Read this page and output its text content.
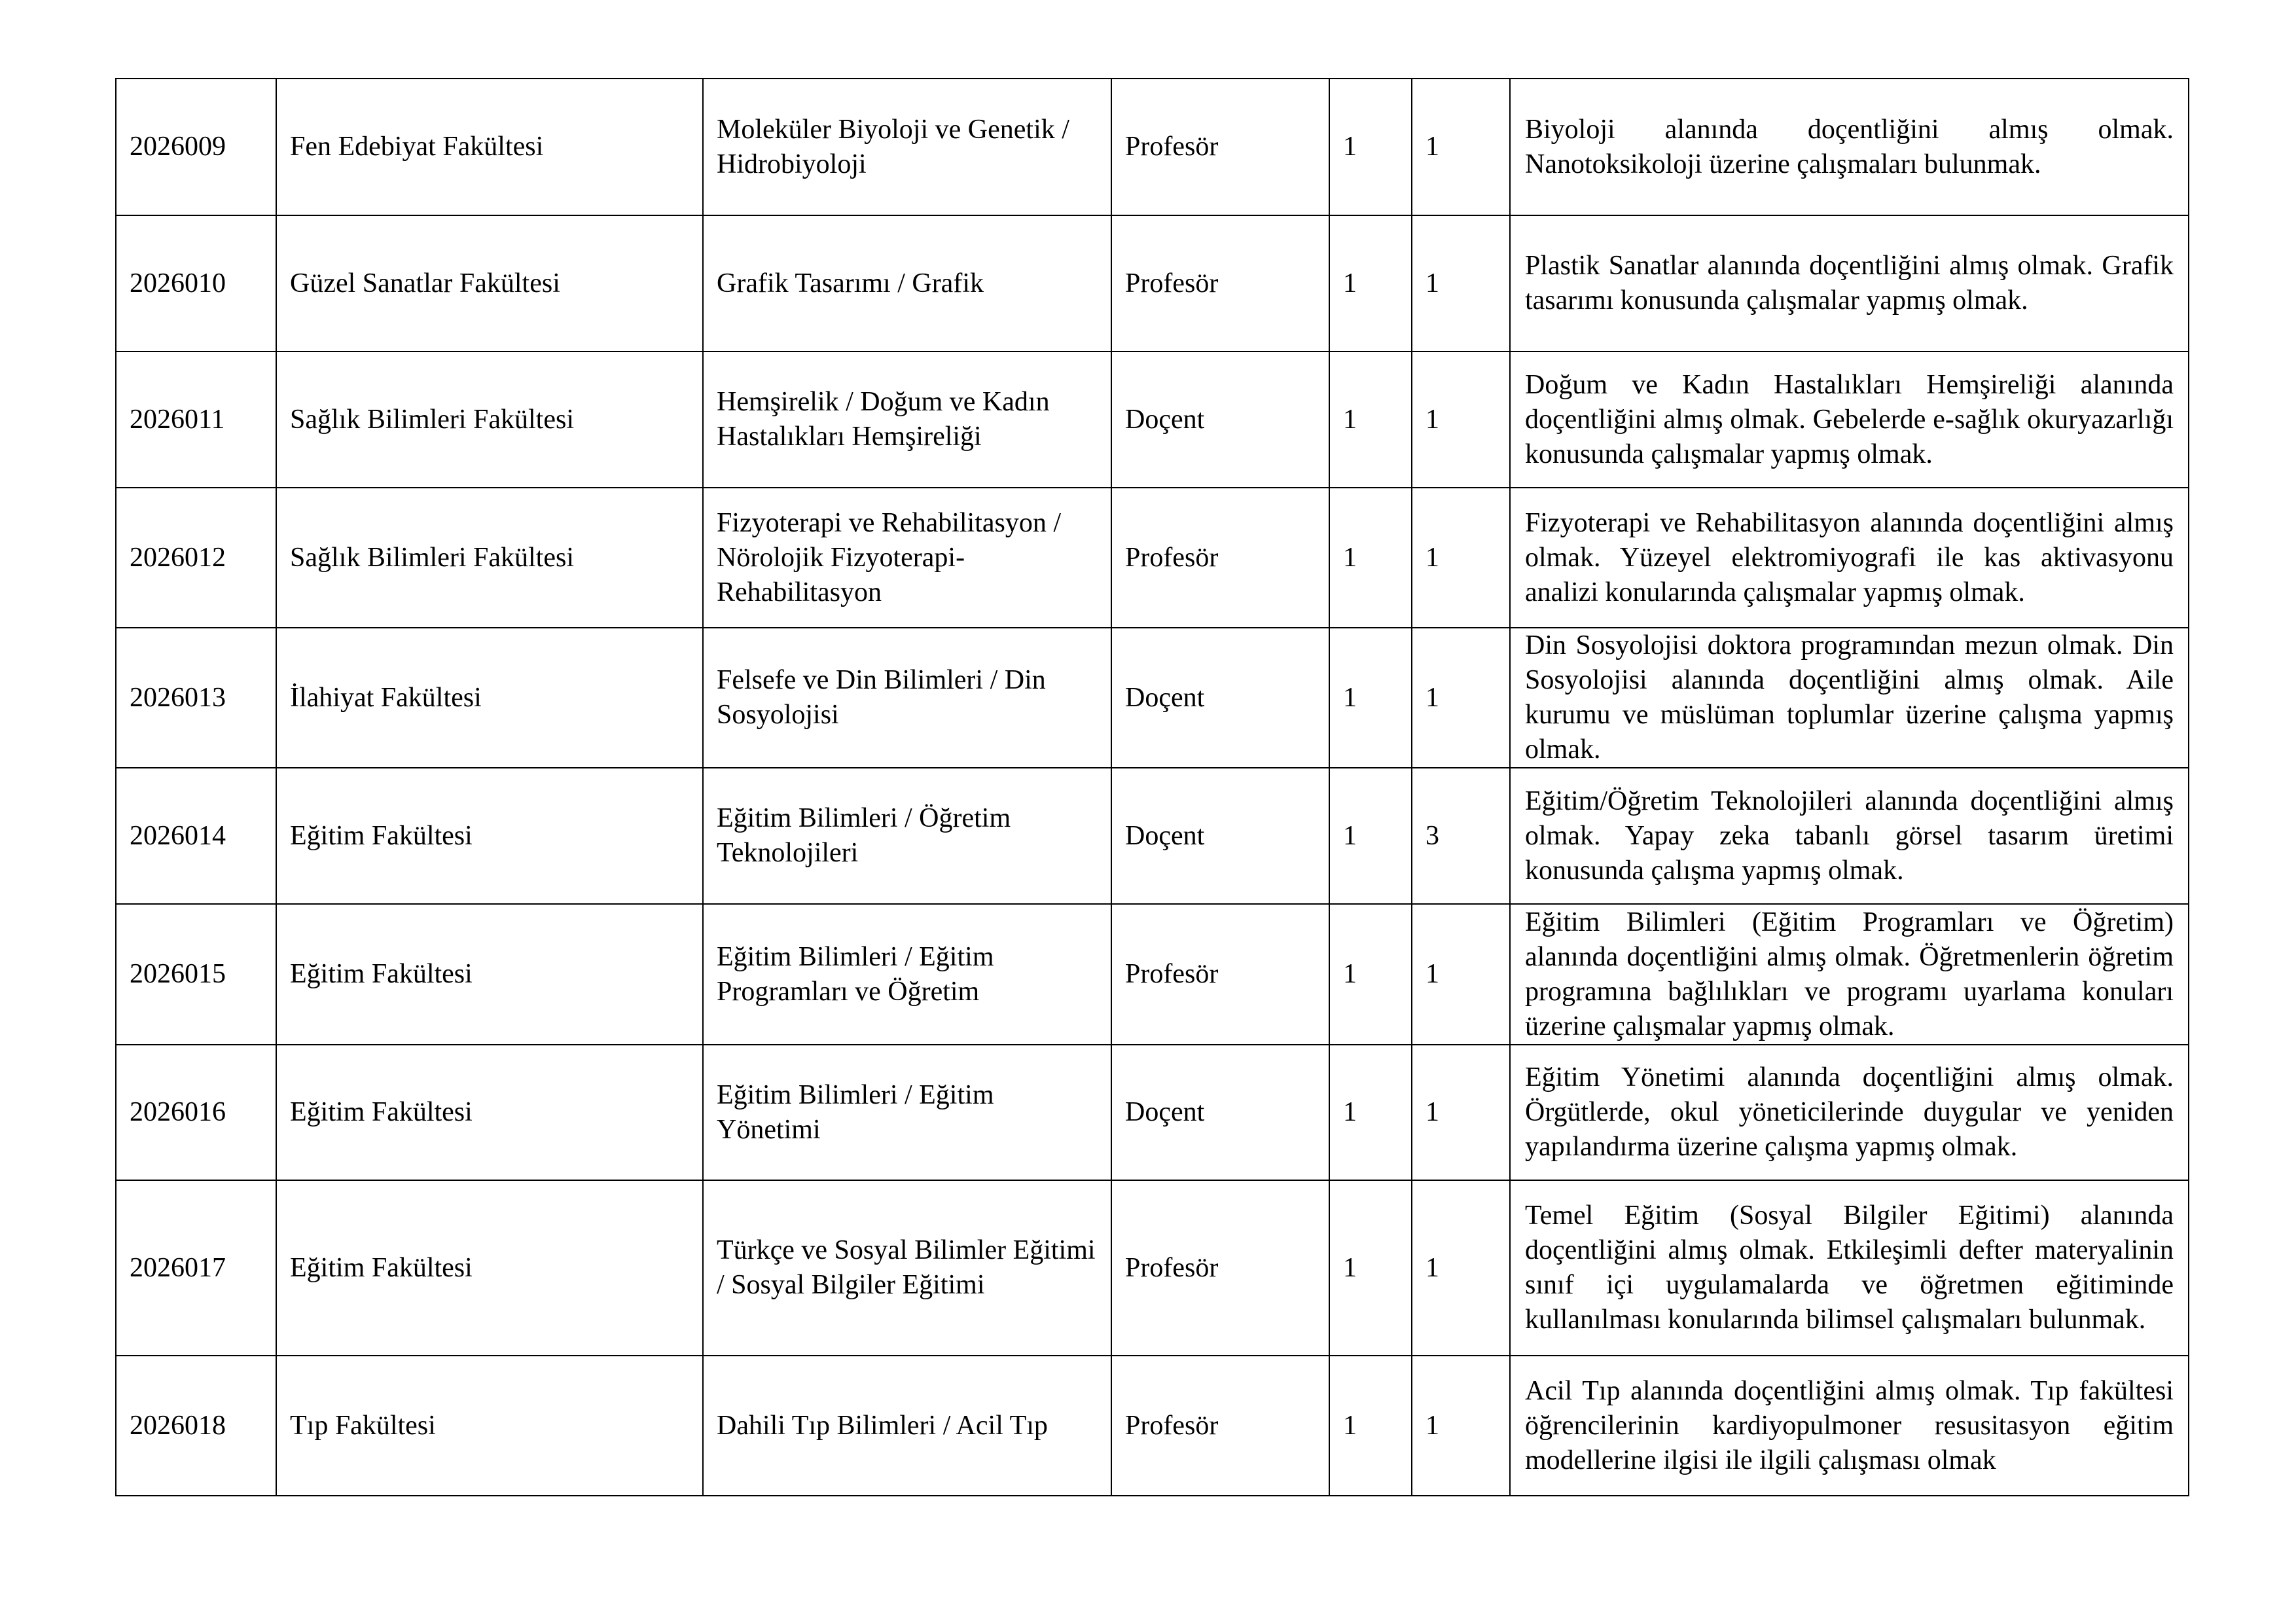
2026009	Fen Edebiyat Fakültesi	Moleküler Biyoloji ve Genetik / Hidrobiyoloji	Profesör	1	1	Biyoloji alanında doçentliğini almış olmak. Nanotoksikoloji üzerine çalışmaları bulunmak.
2026010	Güzel Sanatlar Fakültesi	Grafik Tasarımı / Grafik	Profesör	1	1	Plastik Sanatlar alanında doçentliğini almış olmak. Grafik tasarımı konusunda çalışmalar yapmış olmak.
2026011	Sağlık Bilimleri Fakültesi	Hemşirelik / Doğum ve Kadın Hastalıkları Hemşireliği	Doçent	1	1	Doğum ve Kadın Hastalıkları Hemşireliği alanında doçentliğini almış olmak. Gebelerde e-sağlık okuryazarlığı konusunda çalışmalar yapmış olmak.
2026012	Sağlık Bilimleri Fakültesi	Fizyoterapi ve Rehabilitasyon / Nörolojik Fizyoterapi-Rehabilitasyon	Profesör	1	1	Fizyoterapi ve Rehabilitasyon alanında doçentliğini almış olmak. Yüzeyel elektromiyografi ile kas aktivasyonu analizi konularında çalışmalar yapmış olmak.
2026013	İlahiyat Fakültesi	Felsefe ve Din Bilimleri / Din Sosyolojisi	Doçent	1	1	Din Sosyolojisi doktora programından mezun olmak. Din Sosyolojisi alanında doçentliğini almış olmak. Aile kurumu ve müslüman toplumlar üzerine çalışma yapmış olmak.
2026014	Eğitim Fakültesi	Eğitim Bilimleri / Öğretim Teknolojileri	Doçent	1	3	Eğitim/Öğretim Teknolojileri alanında doçentliğini almış olmak. Yapay zeka tabanlı görsel tasarım üretimi konusunda çalışma yapmış olmak.
2026015	Eğitim Fakültesi	Eğitim Bilimleri / Eğitim Programları ve Öğretim	Profesör	1	1	Eğitim Bilimleri (Eğitim Programları ve Öğretim) alanında doçentliğini almış olmak. Öğretmenlerin öğretim programına bağlılıkları ve programı uyarlama konuları üzerine çalışmalar yapmış olmak.
2026016	Eğitim Fakültesi	Eğitim Bilimleri / Eğitim Yönetimi	Doçent	1	1	Eğitim Yönetimi alanında doçentliğini almış olmak. Örgütlerde, okul yöneticilerinde duygular ve yeniden yapılandırma üzerine çalışma yapmış olmak.
2026017	Eğitim Fakültesi	Türkçe ve Sosyal Bilimler Eğitimi / Sosyal Bilgiler Eğitimi	Profesör	1	1	Temel Eğitim (Sosyal Bilgiler Eğitimi) alanında doçentliğini almış olmak. Etkileşimli defter materyalinin sınıf içi uygulamalarda ve öğretmen eğitiminde kullanılması konularında bilimsel çalışmaları bulunmak.
2026018	Tıp Fakültesi	Dahili Tıp Bilimleri / Acil Tıp	Profesör	1	1	Acil Tıp alanında doçentliğini almış olmak. Tıp fakültesi öğrencilerinin kardiyopulmoner resusitasyon eğitim modellerine ilgisi ile ilgili çalışması olmak
